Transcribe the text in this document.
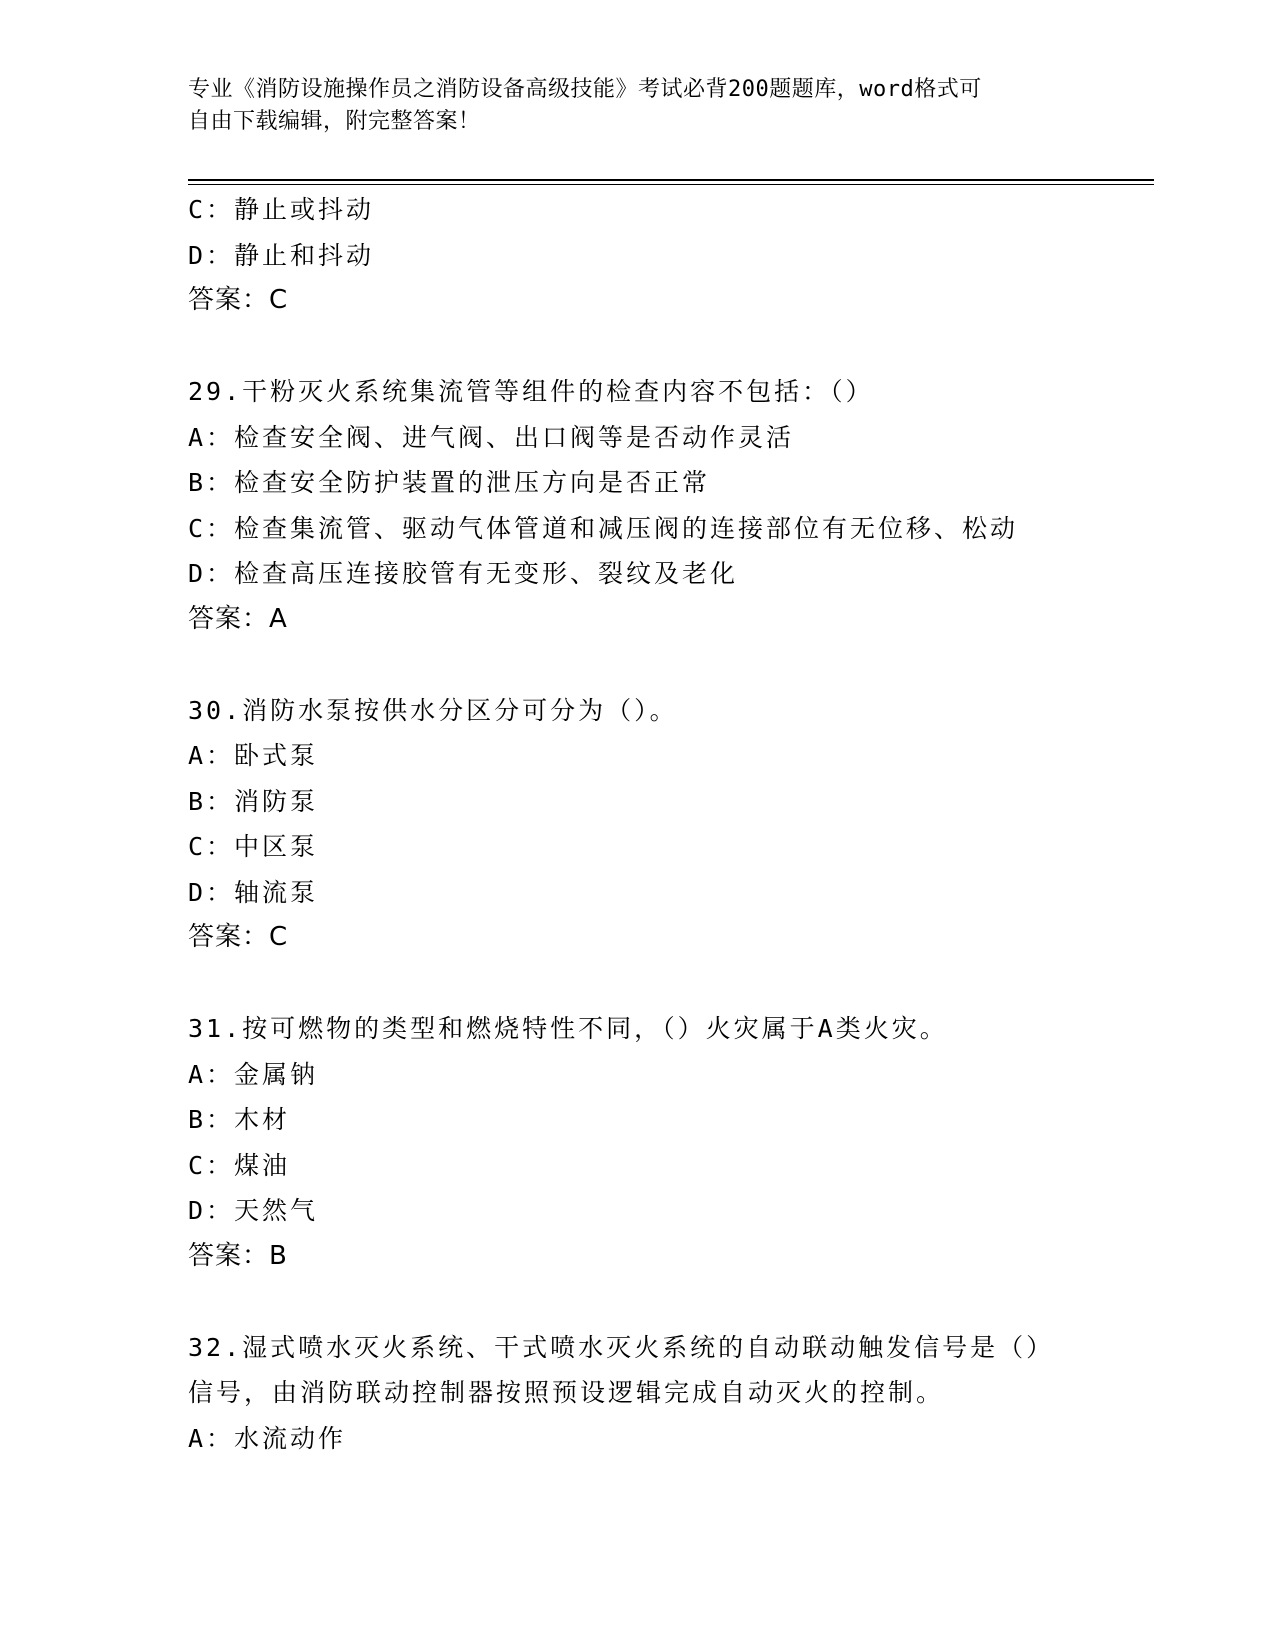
专业《消防设施操作员之消防设备高级技能》考试必背200题题库，word格式可
自由下载编辑，附完整答案！
C：静止或抖动
D：静止和抖动
答案：C
29.干粉灭火系统集流管等组件的检查内容不包括：（）
A：检查安全阀、进气阀、出口阀等是否动作灵活
B：检查安全防护装置的泄压方向是否正常
C：检查集流管、驱动气体管道和减压阀的连接部位有无位移、松动
D：检查高压连接胶管有无变形、裂纹及老化
答案：A
30.消防水泵按供水分区分可分为（）。
A：卧式泵
B：消防泵
C：中区泵
D：轴流泵
答案：C
31.按可燃物的类型和燃烧特性不同，（）火灾属于A类火灾。
A：金属钠
B：木材
C：煤油
D：天然气
答案：B
32.湿式喷水灭火系统、干式喷水灭火系统的自动联动触发信号是（）
信号，由消防联动控制器按照预设逻辑完成自动灭火的控制。
A：水流动作
